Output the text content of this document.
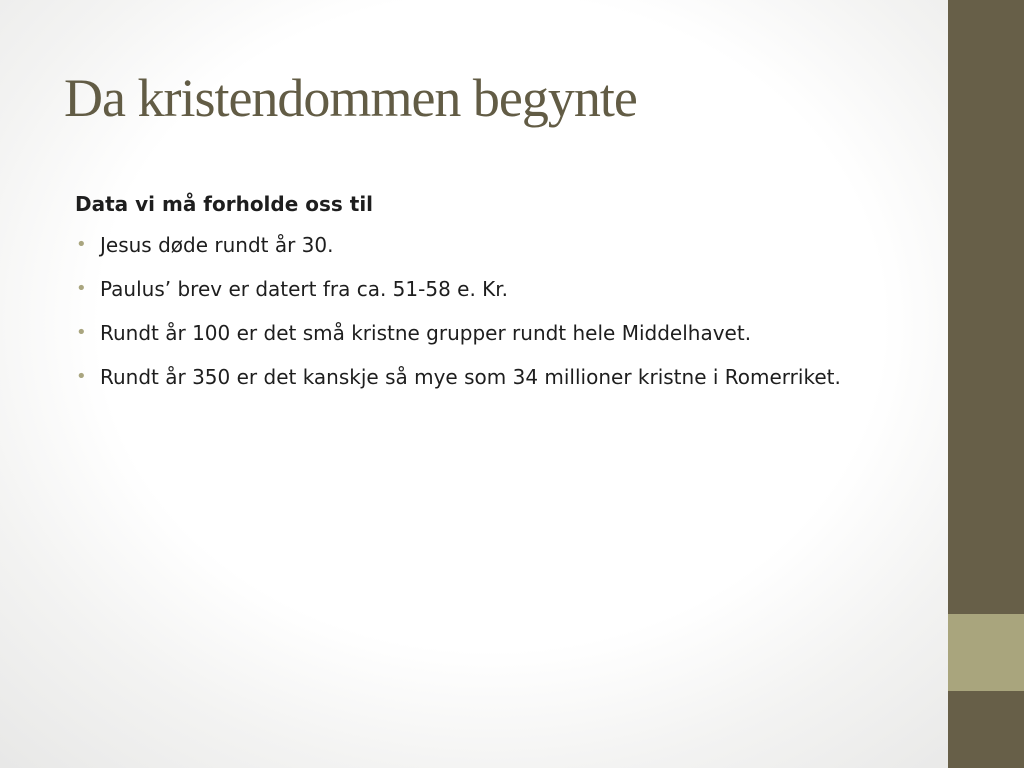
Da kristendommen begynte

Data vi må forholde oss til

• Jesus døde rundt år 30.
• Paulus’ brev er datert fra ca. 51-58 e. Kr.
• Rundt år 100 er det små kristne grupper rundt hele Middelhavet.
• Rundt år 350 er det kanskje så mye som 34 millioner kristne i Romerriket.
